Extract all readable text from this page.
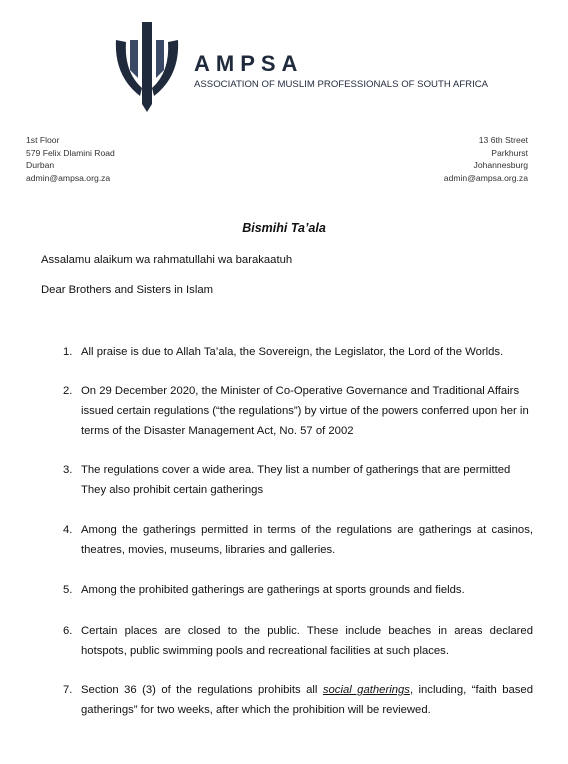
AMPSA
ASSOCIATION OF MUSLIM PROFESSIONALS OF SOUTH AFRICA
1st Floor
579 Felix Dlamini Road
Durban
admin@ampsa.org.za
13 6th Street
Parkhurst
Johannesburg
admin@ampsa.org.za
Bismihi Ta’ala
Assalamu alaikum wa rahmatullahi wa barakaatuh
Dear Brothers and Sisters in Islam
1. All praise is due to Allah Ta’ala, the Sovereign, the Legislator, the Lord of the Worlds.
2. On 29 December 2020, the Minister of Co-Operative Governance and Traditional Affairs issued certain regulations (“the regulations”) by virtue of the powers conferred upon her in terms of the Disaster Management Act, No. 57 of 2002
3. The regulations cover a wide area. They list a number of gatherings that are permitted They also prohibit certain gatherings
4. Among the gatherings permitted in terms of the regulations are gatherings at casinos, theatres, movies, museums, libraries and galleries.
5. Among the prohibited gatherings are gatherings at sports grounds and fields.
6. Certain places are closed to the public. These include beaches in areas declared hotspots, public swimming pools and recreational facilities at such places.
7. Section 36 (3) of the regulations prohibits all social gatherings, including, “faith based gatherings” for two weeks, after which the prohibition will be reviewed.
